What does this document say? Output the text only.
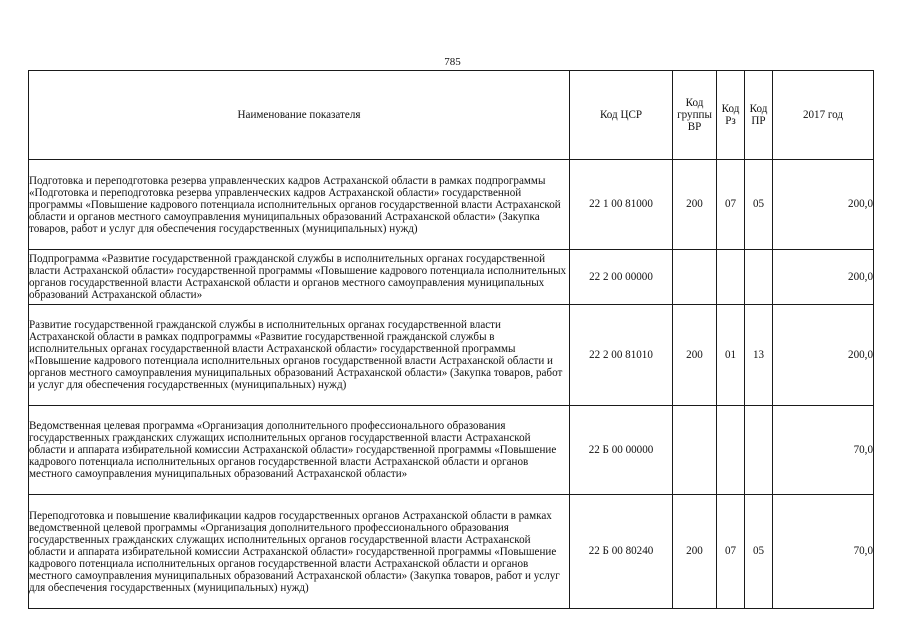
785
Наименование показателя	Код ЦСР	Код группы ВР	Код Рз	Код ПР	2017 год
Подготовка и переподготовка резерва управленческих кадров Астраханской области в рамках подпрограммы «Подготовка и переподготовка резерва управленческих кадров Астраханской области» государственной программы «Повышение кадрового потенциала исполнительных органов государственной власти Астраханской области и органов местного самоуправления муниципальных образований Астраханской области» (Закупка товаров, работ и услуг для обеспечения государственных (муниципальных) нужд)	22 1 00 81000	200	07	05	200,0
Подпрограмма «Развитие государственной гражданской службы в исполнительных органах государственной власти Астраханской области» государственной программы «Повышение кадрового потенциала исполнительных органов государственной власти Астраханской области и органов местного самоуправления муниципальных образований Астраханской области»	22 2 00 00000				200,0
Развитие государственной гражданской службы в исполнительных органах государственной власти Астраханской области в рамках подпрограммы «Развитие государственной гражданской службы в исполнительных органах государственной власти Астраханской области» государственной программы «Повышение кадрового потенциала исполнительных органов государственной власти Астраханской области и органов местного самоуправления муниципальных образований Астраханской области» (Закупка товаров, работ и услуг для обеспечения государственных (муниципальных) нужд)	22 2 00 81010	200	01	13	200,0
Ведомственная целевая программа «Организация дополнительного профессионального образования государственных гражданских служащих исполнительных органов государственной власти Астраханской области и аппарата избирательной комиссии Астраханской области» государственной программы «Повышение кадрового потенциала исполнительных органов государственной власти Астраханской области и органов местного самоуправления муниципальных образований Астраханской области»	22 Б 00 00000				70,0
Переподготовка и повышение квалификации кадров государственных органов Астраханской области в рамках ведомственной целевой программы «Организация дополнительного профессионального образования государственных гражданских служащих исполнительных органов государственной власти Астраханской области и аппарата избирательной комиссии Астраханской области» государственной программы «Повышение кадрового потенциала исполнительных органов государственной власти Астраханской области и органов местного самоуправления муниципальных образований Астраханской области» (Закупка товаров, работ и услуг для обеспечения государственных (муниципальных) нужд)	22 Б 00 80240	200	07	05	70,0
